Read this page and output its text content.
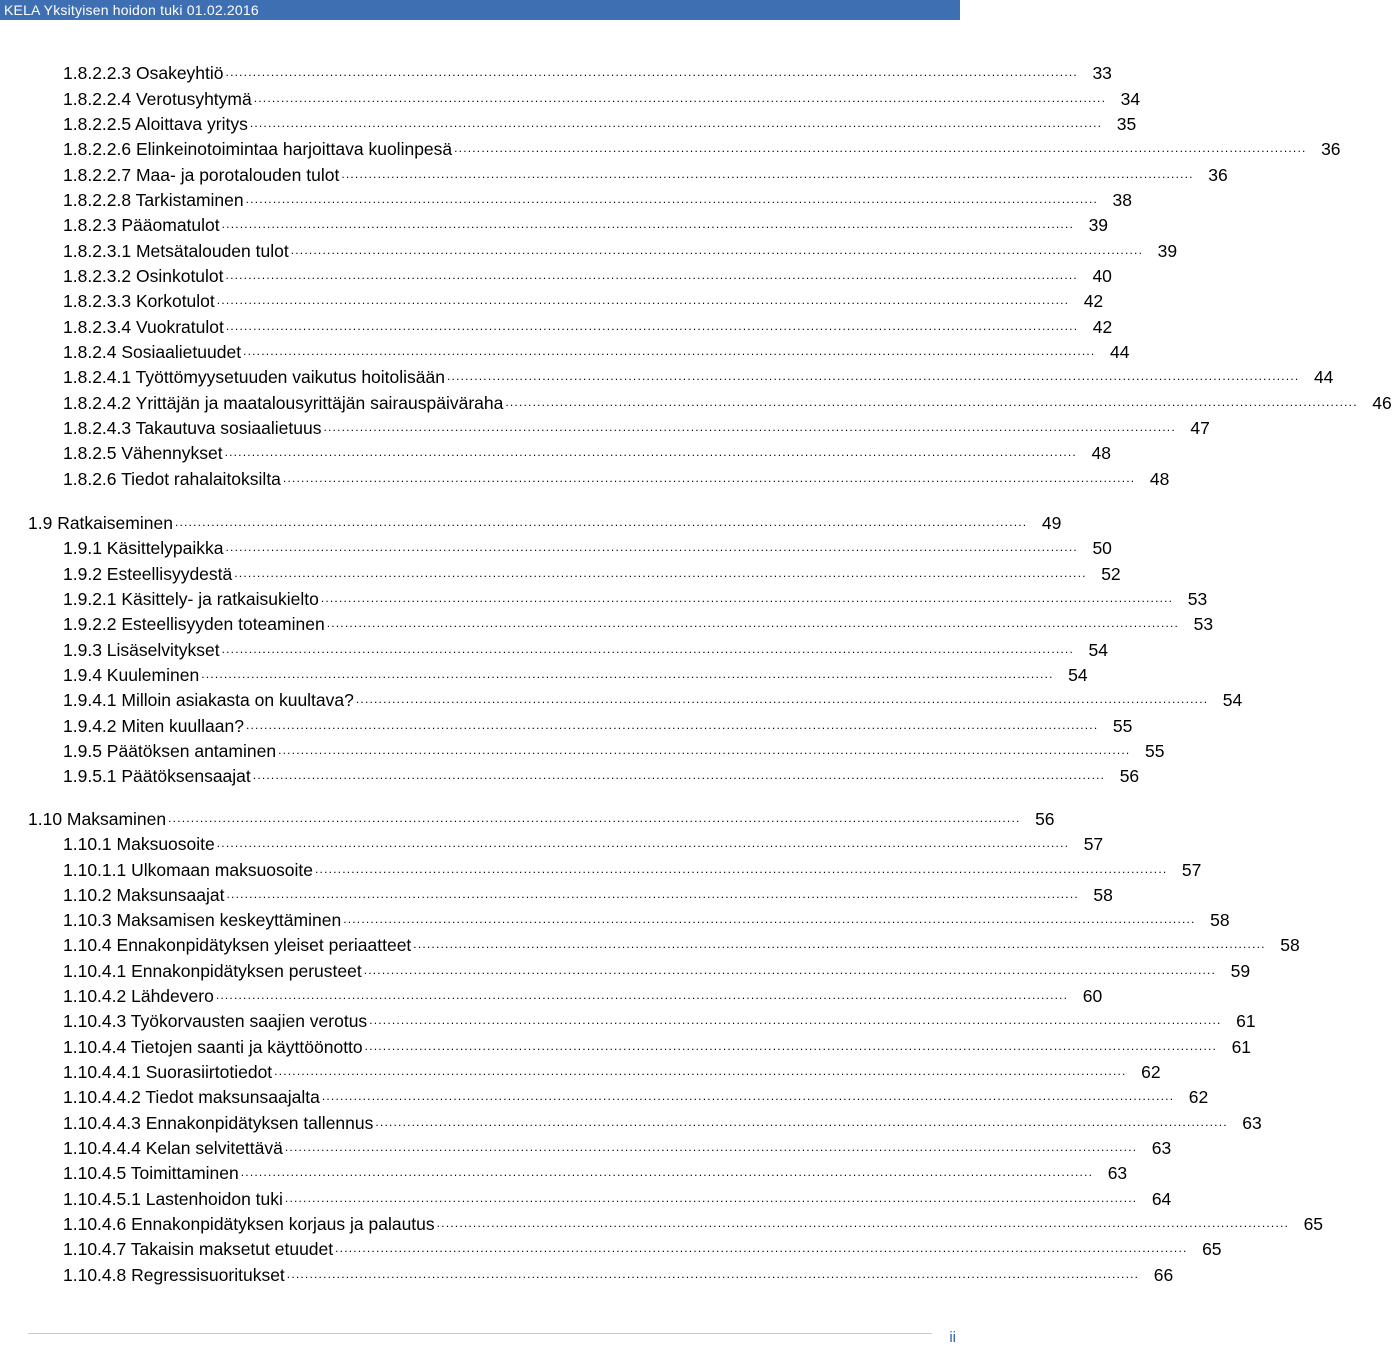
KELA Yksityisen hoidon tuki 01.02.2016
1.8.2.2.3 Osakeyhtiö ............................................................................................................................................................................................ 33
1.8.2.2.4 Verotusyhtymä ............................................................................................................................................................................................ 34
1.8.2.2.5 Aloittava yritys ............................................................................................................................................................................................ 35
1.8.2.2.6 Elinkeinotoimintaa harjoittava kuolinpesä ............................................................................................................................................................................................ 36
1.8.2.2.7 Maa- ja porotalouden tulot ............................................................................................................................................................................................ 36
1.8.2.2.8 Tarkistaminen ............................................................................................................................................................................................ 38
1.8.2.3 Pääomatulot ............................................................................................................................................................................................ 39
1.8.2.3.1 Metsätalouden tulot ............................................................................................................................................................................................ 39
1.8.2.3.2 Osinkotulot ............................................................................................................................................................................................ 40
1.8.2.3.3 Korkotulot ............................................................................................................................................................................................ 42
1.8.2.3.4 Vuokratulot ............................................................................................................................................................................................ 42
1.8.2.4 Sosiaalietuudet ............................................................................................................................................................................................ 44
1.8.2.4.1 Työttömyysetuuden vaikutus hoitolisään ............................................................................................................................................................................................ 44
1.8.2.4.2 Yrittäjän ja maatalousyrittäjän sairauspäiväraha ............................................................................................................................................................................................ 46
1.8.2.4.3 Takautuva sosiaalietuus ............................................................................................................................................................................................ 47
1.8.2.5 Vähennykset ............................................................................................................................................................................................ 48
1.8.2.6 Tiedot rahalaitoksilta ............................................................................................................................................................................................ 48
1.9 Ratkaiseminen ............................................................................................................................................................................................ 49
1.9.1 Käsittelypaikka ............................................................................................................................................................................................ 50
1.9.2 Esteellisyydestä ............................................................................................................................................................................................ 52
1.9.2.1 Käsittely- ja ratkaisukielto ............................................................................................................................................................................................ 53
1.9.2.2 Esteellisyyden toteaminen ............................................................................................................................................................................................ 53
1.9.3 Lisäselvitykset ............................................................................................................................................................................................ 54
1.9.4 Kuuleminen ............................................................................................................................................................................................ 54
1.9.4.1 Milloin asiakasta on kuultava? ............................................................................................................................................................................................ 54
1.9.4.2 Miten kuullaan? ............................................................................................................................................................................................ 55
1.9.5 Päätöksen antaminen ............................................................................................................................................................................................ 55
1.9.5.1 Päätöksensaajat ............................................................................................................................................................................................ 56
1.10 Maksaminen ............................................................................................................................................................................................ 56
1.10.1 Maksuosoite ............................................................................................................................................................................................ 57
1.10.1.1 Ulkomaan maksuosoite ............................................................................................................................................................................................ 57
1.10.2 Maksunsaajat ............................................................................................................................................................................................ 58
1.10.3 Maksamisen keskeyttäminen ............................................................................................................................................................................................ 58
1.10.4 Ennakonpidätyksen yleiset periaatteet ............................................................................................................................................................................................ 58
1.10.4.1 Ennakonpidätyksen perusteet ............................................................................................................................................................................................ 59
1.10.4.2 Lähdevero ............................................................................................................................................................................................ 60
1.10.4.3 Työkorvausten saajien verotus ............................................................................................................................................................................................ 61
1.10.4.4 Tietojen saanti ja käyttöönotto ............................................................................................................................................................................................ 61
1.10.4.4.1 Suorasiirtotiedot ............................................................................................................................................................................................ 62
1.10.4.4.2 Tiedot maksunsaajalta ............................................................................................................................................................................................ 62
1.10.4.4.3 Ennakonpidätyksen tallennus ............................................................................................................................................................................................ 63
1.10.4.4.4 Kelan selvitettävä ............................................................................................................................................................................................ 63
1.10.4.5 Toimittaminen ............................................................................................................................................................................................ 63
1.10.4.5.1 Lastenhoidon tuki ............................................................................................................................................................................................ 64
1.10.4.6 Ennakonpidätyksen korjaus ja palautus ............................................................................................................................................................................................ 65
1.10.4.7 Takaisin maksetut etuudet ............................................................................................................................................................................................ 65
1.10.4.8 Regressisuoritukset ............................................................................................................................................................................................ 66
ii
